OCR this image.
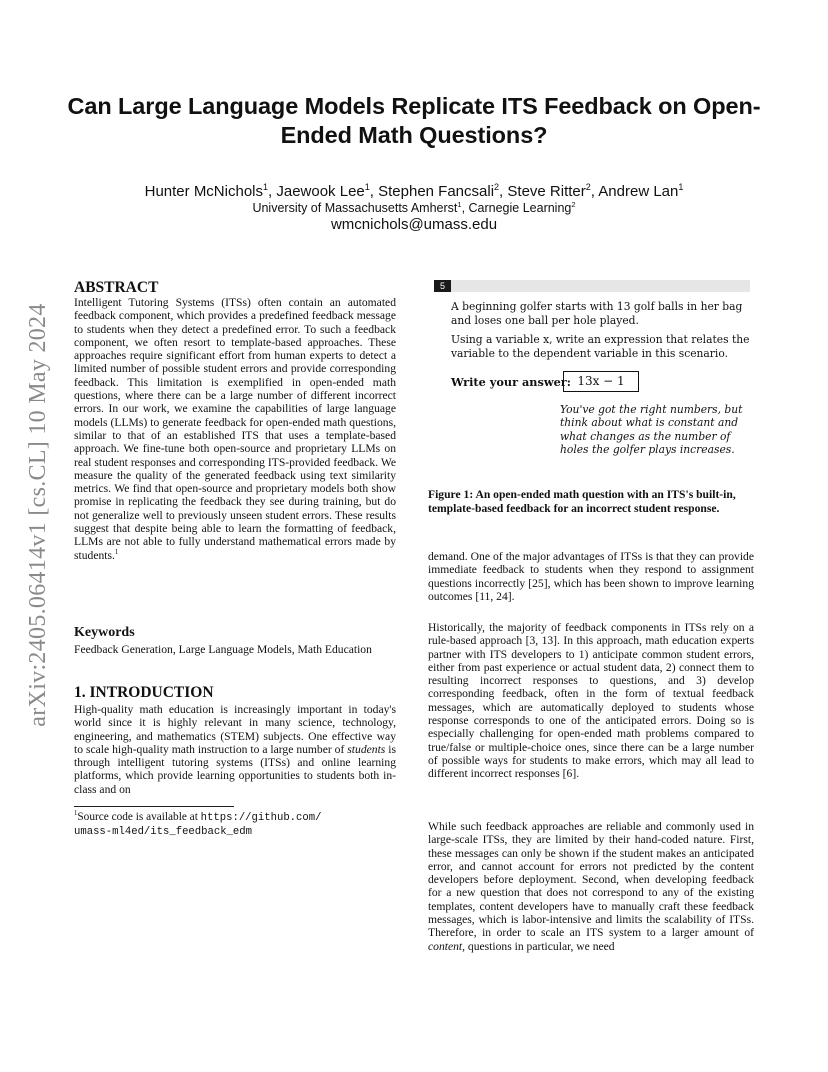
Can Large Language Models Replicate ITS Feedback on Open-Ended Math Questions?
Hunter McNichols$^1$, Jaewook Lee$^1$, Stephen Fancsali$^2$, Steve Ritter$^2$, Andrew Lan$^1$
University of Massachusetts Amherst$^1$, Carnegie Learning$^2$
wmcnichols@umass.edu
arXiv:2405.06414v1 [cs.CL] 10 May 2024
ABSTRACT

Intelligent Tutoring Systems (ITSs) often contain an automated feedback component, which provides a predefined feedback message to students when they detect a predefined error. To such a feedback component, we often resort to template-based approaches. These approaches require significant effort from human experts to detect a limited number of possible student errors and provide corresponding feedback. This limitation is exemplified in open-ended math questions, where there can be a large number of different incorrect errors. In our work, we examine the capabilities of large language models (LLMs) to generate feedback for open-ended math questions, similar to that of an established ITS that uses a template-based approach. We fine-tune both open-source and proprietary LLMs on real student responses and corresponding ITS-provided feedback. We measure the quality of the generated feedback using text similarity metrics. We find that open-source and proprietary models both show promise in replicating the feedback they see during training, but do not generalize well to previously unseen student errors. These results suggest that despite being able to learn the formatting of feedback, LLMs are not able to fully understand mathematical errors made by students.$^1$

Keywords

Feedback Generation, Large Language Models, Math Education

1. INTRODUCTION

High-quality math education is increasingly important in today's world since it is highly relevant in many science, technology, engineering, and mathematics (STEM) subjects. One effective way to scale high-quality math instruction to a large number of students is through intelligent tutoring systems (ITSs) and online learning platforms, which provide learning opportunities to students both in-class and on

$^1$Source code is available at https://github.com/
umass-ml4ed/its_feedback_edm

5
A beginning golfer starts with 13 golf balls in her bag and loses one ball per hole played.
Using a variable x, write an expression that relates the variable to the dependent variable in this scenario.
Write your answer: 13x − 1
You've got the right numbers, but think about what is constant and what changes as the number of holes the golfer plays increases.
Figure 1: An open-ended math question with an ITS's built-in, template-based feedback for an incorrect student response.

demand. One of the major advantages of ITSs is that they can provide immediate feedback to students when they respond to assignment questions incorrectly [25], which has been shown to improve learning outcomes [11, 24].

Historically, the majority of feedback components in ITSs rely on a rule-based approach [3, 13]. In this approach, math education experts partner with ITS developers to 1) anticipate common student errors, either from past experience or actual student data, 2) connect them to resulting incorrect responses to questions, and 3) develop corresponding feedback, often in the form of textual feedback messages, which are automatically deployed to students whose response corresponds to one of the anticipated errors. Doing so is especially challenging for open-ended math problems compared to true/false or multiple-choice ones, since there can be a large number of possible ways for students to make errors, which may all lead to different incorrect responses [6].

While such feedback approaches are reliable and commonly used in large-scale ITSs, they are limited by their hand-coded nature. First, these messages can only be shown if the student makes an anticipated error, and cannot account for errors not predicted by the content developers before deployment. Second, when developing feedback for a new question that does not correspond to any of the existing templates, content developers have to manually craft these feedback messages, which is labor-intensive and limits the scalability of ITSs. Therefore, in order to scale an ITS system to a larger amount of content, questions in particular, we need
